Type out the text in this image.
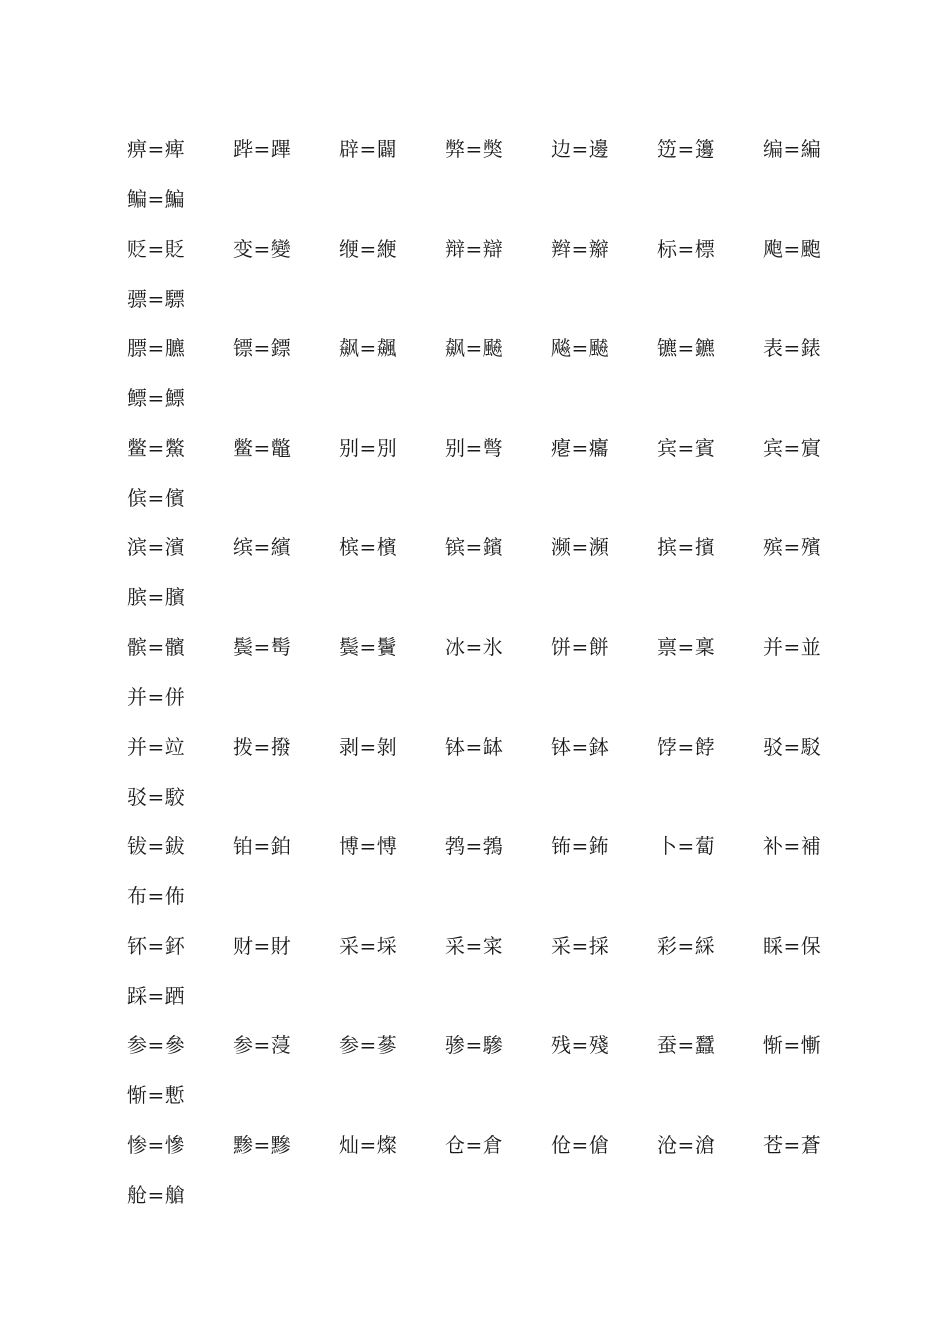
痹=痺 跸=蹕 辟=闢 弊=獘 边=邊 笾=籩 编=編
鳊=鯿
贬=貶 变=變 缏=緶 辩=辯 辫=辮 标=標 飑=颮
骠=驃
膘=臕 镖=鏢 飙=飆 飙=飇 飚=飇 镳=鑣 表=錶
鳔=鰾
鳖=鱉 鳖=鼈 别=別 别=彆 瘪=癟 宾=賓 宾=賔
傧=儐
滨=濱 缤=繽 槟=檳 镔=鑌 濒=瀕 摈=擯 殡=殯
膑=臏
髌=髕 鬓=髩 鬓=鬢 冰=氷 饼=餅 禀=稟 并=並
并=併
并=竝 拨=撥 剥=剝 钵=缽 钵=鉢 饽=餑 驳=駁
驳=駮
钹=鈸 铂=鉑 博=愽 鹁=鵓 钸=鈽 卜=蔔 补=補
布=佈
钚=鈈 财=財 采=埰 采=寀 采=採 彩=綵 睬=保
踩=跴
参=參 参=蓡 参=蔘 骖=驂 残=殘 蚕=蠶 惭=慚
惭=慙
惨=慘 黪=黲 灿=燦 仓=倉 伧=傖 沧=滄 苍=蒼
舱=艙
